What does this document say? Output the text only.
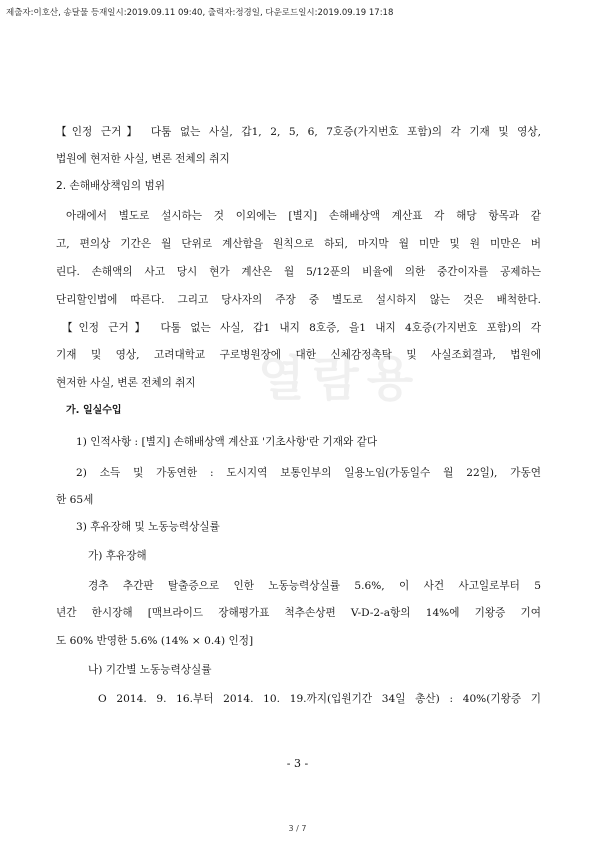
제출자:이호산, 송달물 등재일시:2019.09.11 09:40, 출력자:정경일, 다운로드일시:2019.09.19 17:18
열람용
【인정 근거】 다툼 없는 사실, 갑1, 2, 5, 6, 7호증(가지번호 포함)의 각 기재 및 영상,
법원에 현저한 사실, 변론 전체의 취지
2. 손해배상책임의 범위
아래에서 별도로 설시하는 것 이외에는 [별지] 손해배상액 계산표 각 해당 항목과 같
고, 편의상 기간은 월 단위로 계산함을 원칙으로 하되, 마지막 월 미만 및 원 미만은 버
린다. 손해액의 사고 당시 현가 계산은 월 5/12푼의 비율에 의한 중간이자를 공제하는
단리할인법에 따른다. 그리고 당사자의 주장 중 별도로 설시하지 않는 것은 배척한다.
【인정 근거】 다툼 없는 사실, 갑1 내지 8호증, 을1 내지 4호증(가지번호 포함)의 각
기재 및 영상, 고려대학교 구로병원장에 대한 신체감정촉탁 및 사실조회결과, 법원에
현저한 사실, 변론 전체의 취지
가. 일실수입
1) 인적사항 : [별지] 손해배상액 계산표 '기초사항'란 기재와 같다
2) 소득 및 가동연한 : 도시지역 보통인부의 일용노임(가동일수 월 22일), 가동연
한 65세
3) 후유장해 및 노동능력상실률
가) 후유장해
경추 추간판 탈출증으로 인한 노동능력상실률 5.6%, 이 사건 사고일로부터 5
년간 한시장해 [맥브라이드 장해평가표 척추손상편 V-D-2-a항의 14%에 기왕증 기여
도 60% 반영한 5.6% (14% × 0.4) 인정]
나) 기간별 노동능력상실률
O 2014. 9. 16.부터 2014. 10. 19.까지(입원기간 34일 총산) : 40%(기왕증 기
- 3 -
3 / 7
